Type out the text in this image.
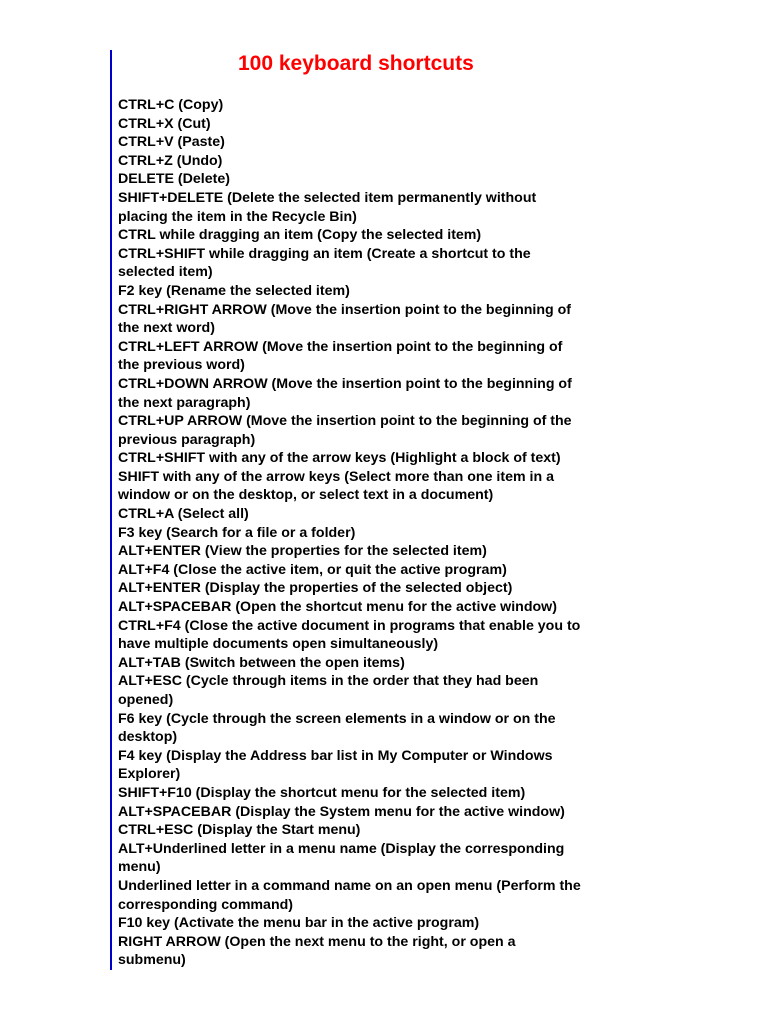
100 keyboard shortcuts
CTRL+C (Copy)
CTRL+X (Cut)
CTRL+V (Paste)
CTRL+Z (Undo)
DELETE (Delete)
SHIFT+DELETE (Delete the selected item permanently without
placing the item in the Recycle Bin)
CTRL while dragging an item (Copy the selected item)
CTRL+SHIFT while dragging an item (Create a shortcut to the
selected item)
F2 key (Rename the selected item)
CTRL+RIGHT ARROW (Move the insertion point to the beginning of
the next word)
CTRL+LEFT ARROW (Move the insertion point to the beginning of
the previous word)
CTRL+DOWN ARROW (Move the insertion point to the beginning of
the next paragraph)
CTRL+UP ARROW (Move the insertion point to the beginning of the
previous paragraph)
CTRL+SHIFT with any of the arrow keys (Highlight a block of text)
SHIFT with any of the arrow keys (Select more than one item in a
window or on the desktop, or select text in a document)
CTRL+A (Select all)
F3 key (Search for a file or a folder)
ALT+ENTER (View the properties for the selected item)
ALT+F4 (Close the active item, or quit the active program)
ALT+ENTER (Display the properties of the selected object)
ALT+SPACEBAR (Open the shortcut menu for the active window)
CTRL+F4 (Close the active document in programs that enable you to
have multiple documents open simultaneously)
ALT+TAB (Switch between the open items)
ALT+ESC (Cycle through items in the order that they had been
opened)
F6 key (Cycle through the screen elements in a window or on the
desktop)
F4 key (Display the Address bar list in My Computer or Windows
Explorer)
SHIFT+F10 (Display the shortcut menu for the selected item)
ALT+SPACEBAR (Display the System menu for the active window)
CTRL+ESC (Display the Start menu)
ALT+Underlined letter in a menu name (Display the corresponding
menu)
Underlined letter in a command name on an open menu (Perform the
corresponding command)
F10 key (Activate the menu bar in the active program)
RIGHT ARROW (Open the next menu to the right, or open a
submenu)
